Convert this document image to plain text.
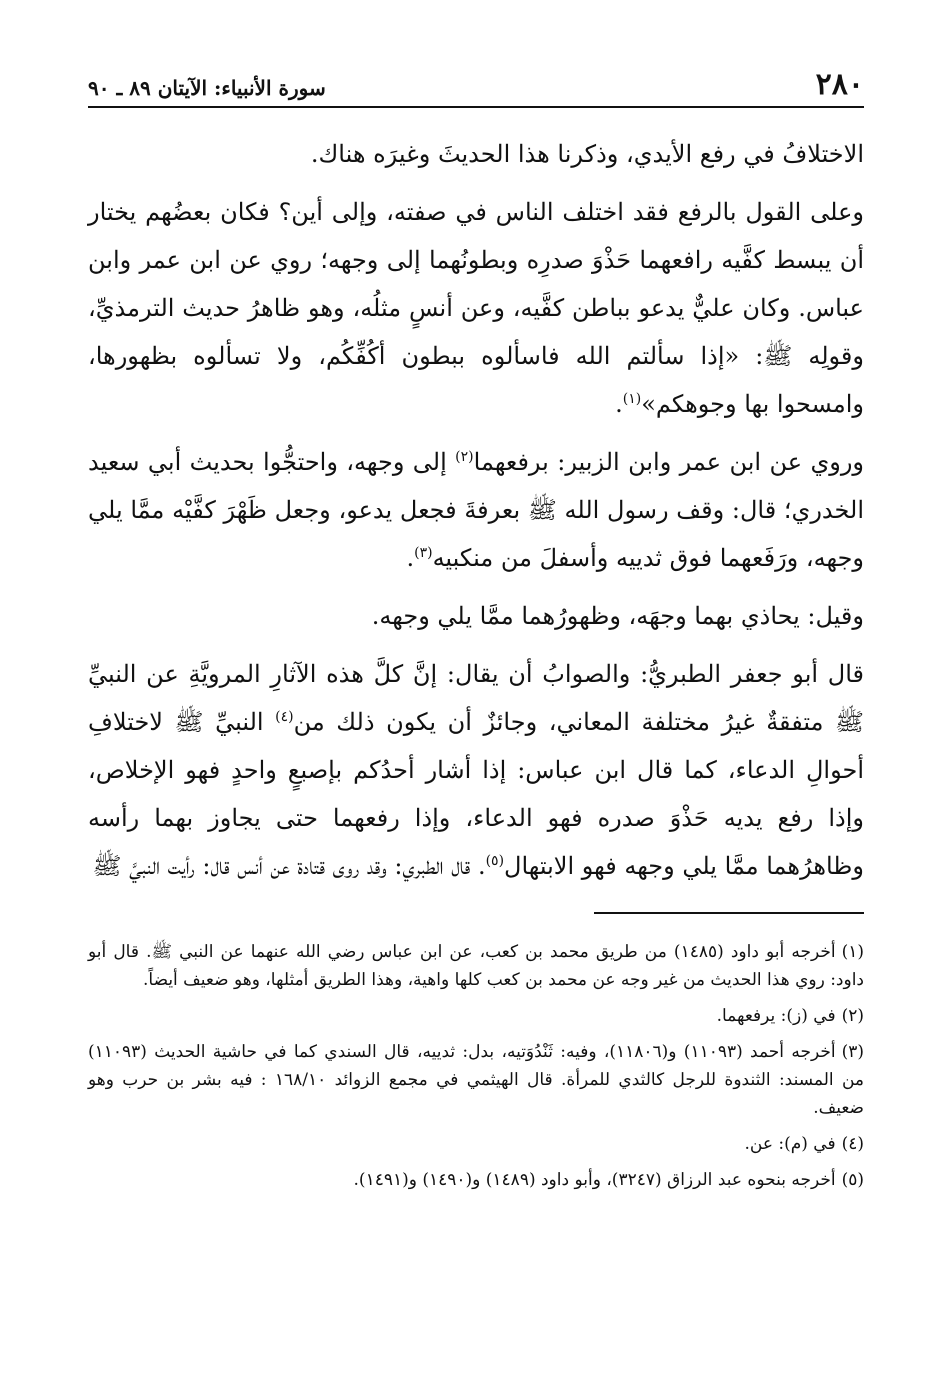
٢٨٠
سورة الأنبياء: الآيتان ٨٩ ـ ٩٠

الاختلافُ في رفع الأيدي، وذكرنا هذا الحديثَ وغيرَه هناك.

وعلى القول بالرفع فقد اختلف الناس في صفته، وإلى أين؟ فكان بعضُهم يختار أن يبسط كفَّيه رافعهما حَذْوَ صدرِه وبطونُهما إلى وجهه؛ روي عن ابن عمر وابن عباس. وكان عليٌّ يدعو بباطن كفَّيه، وعن أنسٍ مثلُه، وهو ظاهرُ حديث الترمذيِّ، وقولِه ﷺ: «إذا سألتم الله فاسألوه ببطون أكُفِّكُم، ولا تسألوه بظهورها، وامسحوا بها وجوهكم»$^{(١)}$.

وروي عن ابن عمر وابن الزبير: برفعهما$^{(٢)}$ إلى وجهه، واحتجُّوا بحديث أبي سعيد الخدري؛ قال: وقف رسول الله ﷺ بعرفةَ فجعل يدعو، وجعل ظَهْرَ كفَّيْه ممَّا يلي وجهه، ورَفَعهما فوق ثدييه وأسفلَ من منكبيه$^{(٣)}$.

وقيل: يحاذي بهما وجهَه، وظهورُهما ممَّا يلي وجهه.

قال أبو جعفر الطبريُّ: والصوابُ أن يقال: إنَّ كلَّ هذه الآثارِ المرويَّةِ عن النبيِّ ﷺ متفقةٌ غيرُ مختلفة المعاني، وجائزٌ أن يكون ذلك من$^{(٤)}$ النبيِّ ﷺ لاختلافِ أحوالِ الدعاء، كما قال ابن عباس: إذا أشار أحدُكم بإصبعٍ واحدٍ فهو الإخلاص، وإذا رفع يديه حَذْوَ صدره فهو الدعاء، وإذا رفعهما حتى يجاوز بهما رأسه وظاهرُهما ممَّا يلي وجهه فهو الابتهال$^{(٥)}$. قال الطبري: وقد روى قتادة عن أنس قال: رأيت النبيَّ ﷺ

(١)أخرجه أبو داود (١٤٨٥) من طريق محمد بن كعب، عن ابن عباس رضي الله عنهما عن النبي ﷺ. قال أبو داود: روي هذا الحديث من غير وجه عن محمد بن كعب كلها واهية، وهذا الطريق أمثلها، وهو ضعيف أيضاً.

(٢)في (ز): يرفعهما.

(٣)أخرجه أحمد (١١٠٩٣) و(١١٨٠٦)، وفيه: ثَنْدُوَتيه، بدل: ثدييه، قال السندي كما في حاشية الحديث (١١٠٩٣) من المسند: الثندوة للرجل كالثدي للمرأة. قال الهيثمي في مجمع الزوائد ١٦٨/١٠ : فيه بشر بن حرب وهو ضعيف.

(٤)في (م): عن.

(٥)أخرجه بنحوه عبد الرزاق (٣٢٤٧)، وأبو داود (١٤٨٩) و(١٤٩٠) و(١٤٩١).
